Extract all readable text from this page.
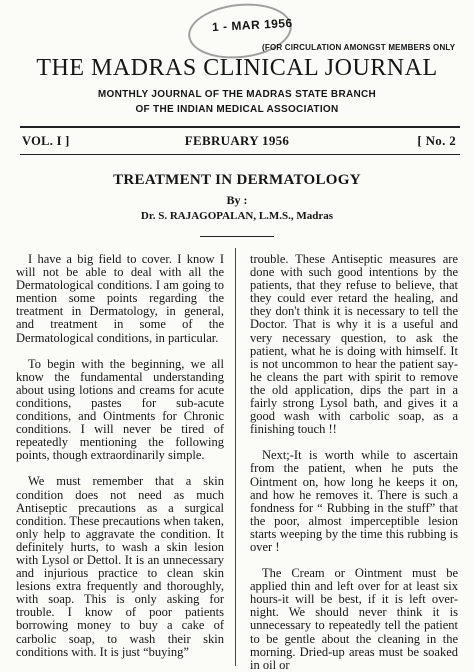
1 - MAR 1956
(FOR CIRCULATION AMONGST MEMBERS ONLY
THE MADRAS CLINICAL JOURNAL
MONTHLY JOURNAL OF THE MADRAS STATE BRANCH
OF THE INDIAN MEDICAL ASSOCIATION
VOL. I ]	FEBRUARY 1956	[ No. 2
TREATMENT IN DERMATOLOGY
By :
Dr. S. RAJAGOPALAN, L.M.S., Madras

I have a big field to cover. I know I will not be able to deal with all the Dermatological conditions. I am going to mention some points regarding the treatment in Dermatology, in general, and treatment in some of the Dermatological conditions, in particular.

To begin with the beginning, we all know the fundamental understanding about using lotions and creams for acute conditions, pastes for sub-acute conditions, and Ointments for Chronic conditions. I will never be tired of repeatedly mentioning the following points, though extraordinarily simple.

We must remember that a skin condition does not need as much Antiseptic precautions as a surgical condition. These precautions when taken, only help to aggravate the condition. It definitely hurts, to wash a skin lesion with Lysol or Dettol. It is an unnecessary and injurious practice to clean skin lesions extra frequently and thoroughly, with soap. This is only asking for trouble. I know of poor patients borrowing money to buy a cake of carbolic soap, to wash their skin conditions with. It is just “buying”

trouble. These Antiseptic measures are done with such good intentions by the patients, that they refuse to believe, that they could ever retard the healing, and they don't think it is necessary to tell the Doctor. That is why it is a useful and very necessary question, to ask the patient, what he is doing with himself. It is not uncommon to hear the patient say-he cleans the part with spirit to remove the old application, dips the part in a fairly strong Lysol bath, and gives it a good wash with carbolic soap, as a finishing touch !!

Next;-It is worth while to ascertain from the patient, when he puts the Ointment on, how long he keeps it on, and how he removes it. There is such a fondness for “ Rubbing in the stuff” that the poor, almost imperceptible lesion starts weeping by the time this rubbing is over !

The Cream or Ointment must be applied thin and left over for at least six hours-it will be best, if it is left over-night. We should never think it is unnecessary to repeatedly tell the patient to be gentle about the cleaning in the morning. Dried-up areas must be soaked in oil or
